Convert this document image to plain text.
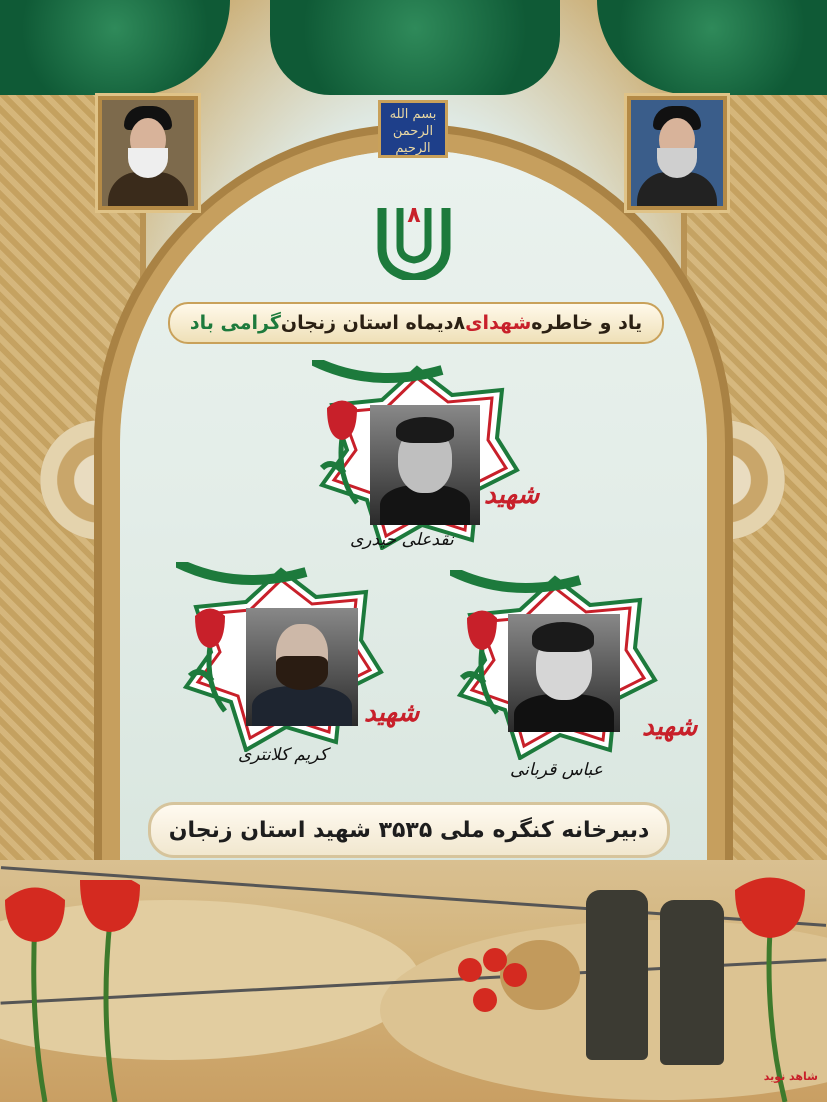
بسم الله الرحمن الرحیم
۸
یاد و خاطره
شهدای
۸دیماه استان زنجان
گرامی باد
شهید
نقدعلی حیدری
شهید
کریم کلانتری
شهید
عباس قربانی
دبیرخانه کنگره ملی ۳۵۳۵ شهید استان زنجان
شاهد نوید
